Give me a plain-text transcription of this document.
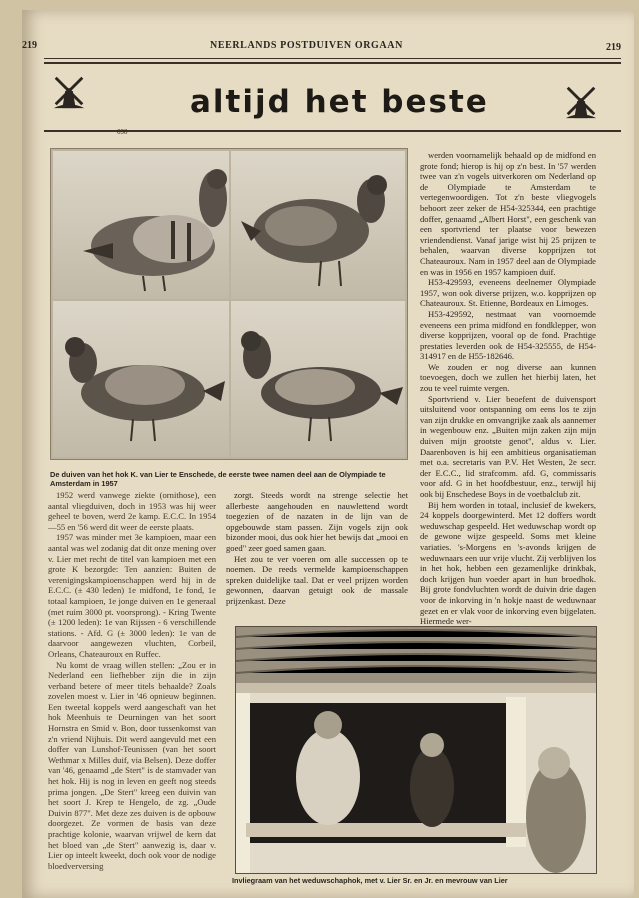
219	NEERLANDS POSTDUIVEN ORGAAN	219
altijd het beste
690
De duiven van het hok K. van Lier te Enschede, de eerste twee namen deel aan de Olympiade te Amsterdam in 1957

1952 werd vanwege ziekte (ornithose), een aantal vliegduiven, doch in 1953 was hij weer geheel te boven, werd 2e kamp. E.C.C. In 1954—55 en '56 werd dit weer de eerste plaats.

1957 was minder met 3e kampioen, maar een aantal was wel zodanig dat dit onze mening over v. Lier met recht de titel van kampioen met een grote K bezorgde: Ten aanzien: Buiten de verenigingskampioenschappen werd hij in de E.C.C. (± 430 leden) 1e midfond, 1e fond, 1e totaal kampioen, 1e jonge duiven en 1e generaal (met ruim 3000 pt. voorsprong). - Kring Twente (± 1200 leden): 1e van Rijssen - 6 verschillende stations. - Afd. G (± 3000 leden): 1e van de daarvoor aangewezen vluchten, Corbeil, Orleans, Chateauroux en Ruffec.

Nu komt de vraag willen stellen: „Zou er in Nederland een liefhebber zijn die in zijn verband betere of meer titels behaalde? Zoals zovelen moest v. Lier in '46 opnieuw beginnen. Een tweetal koppels werd aangeschaft van het hok Meenhuis te Deurningen van het soort Hornstra en Smid v. Bon, door tussenkomst van z'n vriend Nijhuis. Dit werd aangevuld met een doffer van Lunshof-Teunissen (van het soort Wethmar x Milles duif, via Belsen). Deze doffer van '46, genaamd „de Stert" is de stamvader van het hok. Hij is nog in leven en geeft nog steeds prima jongen. „De Stert" kreeg een duivin van het soort J. Krep te Hengelo, de zg. „Oude Duivin 877". Met deze zes duiven is de opbouw doorgezet. Ze vormen de basis van deze prachtige kolonie, waarvan vrijwel de kern dat het bloed van „de Stert" aanwezig is, daar v. Lier op inteelt kweekt, doch ook voor de nodige bloedverversing

zorgt. Steeds wordt na strenge selectie het allerbeste aangehouden en nauwlettend wordt toegezien of de nazaten in de lijn van de opgebouwde stam passen. Zijn vogels zijn ook bizonder mooi, dus ook hier het bewijs dat „mooi en goed" zeer goed samen gaan.

Het zou te ver voeren om alle successen op te noemen. De reeds vermelde kampioenschappen spreken duidelijke taal. Dat er veel prijzen worden gewonnen, daarvan getuigt ook de massale prijzenkast. Deze

werden voornamelijk behaald op de midfond en grote fond; hierop is hij op z'n best. In '57 werden twee van z'n vogels uitverkoren om Nederland op de Olympiade te Amsterdam te vertegenwoordigen. Tot z'n beste vliegvogels behoort zeer zeker de H54-325344, een prachtige doffer, genaamd „Albert Horst", een geschenk van een sportvriend ter plaatse voor bewezen vriendendienst. Vanaf jarige wist hij 25 prijzen te behalen, waarvan diverse kopprijzen tot Chateauroux. Nam in 1957 deel aan de Olympiade en was in 1956 en 1957 kampioen duif.

H53-429593, eveneens deelnemer Olympiade 1957, won ook diverse prijzen, w.o. kopprijzen op Chateauroux. St. Etienne, Bordeaux en Limoges.

H53-429592, nestmaat van voornoemde eveneens een prima midfond en fondklepper, won diverse kopprijzen, vooral op de fond. Prachtige prestaties leverden ook de H54-325555, de H54-314917 en de H55-182646.

We zouden er nog diverse aan kunnen toevoegen, doch we zullen het hierbij laten, het zou te veel ruimte vergen.

Sportvriend v. Lier beoefent de duivensport uitsluitend voor ontspanning om eens los te zijn van zijn drukke en omvangrijke zaak als aannemer in wegenbouw enz. „Buiten mijn zaken zijn mijn duiven mijn grootste genot", aldus v. Lier. Daarenboven is hij een ambitieus organisatieman met o.a. secretaris van P.V. Het Westen, 2e secr. der E.C.C., lid strafcomm. afd. G, commissaris voor afd. G in het hoofdbestuur, enz., terwijl hij ook bij Enschedese Boys in de voetbalclub zit.

Bij hem worden in totaal, inclusief de kwekers, 24 koppels doorgewinterd. Met 12 doffers wordt weduwschap gespeeld. Het weduwschap wordt op de gewone wijze gespeeld. Soms met kleine variaties. 's-Morgens en 's-avonds krijgen de weduwnaars een uur vrije vlucht. Zij verblijven los in het hok, hebben een gezamenlijke drinkbak, doch krijgen hun voeder apart in hun broedhok. Bij grote fondvluchten wordt de duivin drie dagen voor de inkorving in 'n hokje naast de weduwnaar gezet en er vlak voor de inkorving even bijgelaten. Hiermede wer-

Invliegraam van het weduwschaphok, met v. Lier Sr. en Jr. en mevrouw van Lier
